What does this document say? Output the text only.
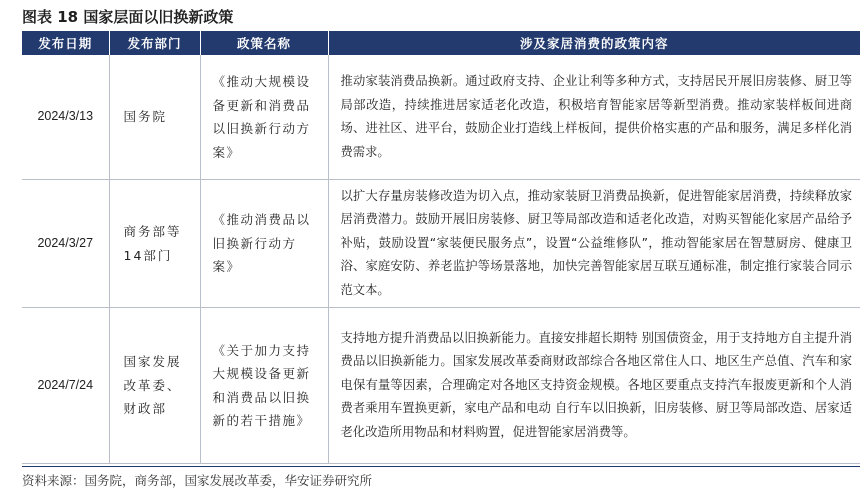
图表 18 国家层面以旧换新政策
发布日期	发布部门	政策名称	涉及家居消费的政策内容
2024/3/13	国务院	《推动大规模设备更新和消费品以旧换新行动方案》	推动家装消费品换新。通过政府支持、企业让利等多种方式，支持居民开展旧房装修、厨卫等局部改造，持续推进居家适老化改造，积极培育智能家居等新型消费。推动家装样板间进商场、进社区、进平台，鼓励企业打造线上样板间，提供价格实惠的产品和服务，满足多样化消费需求。
2024/3/27	商务部等14部门	《推动消费品以旧换新行动方案》	以扩大存量房装修改造为切入点，推动家装厨卫消费品换新，促进智能家居消费，持续释放家居消费潜力。鼓励开展旧房装修、厨卫等局部改造和适老化改造，对购买智能化家居产品给予补贴，鼓励设置“家装便民服务点”，设置“公益维修队”，推动智能家居在智慧厨房、健康卫浴、家庭安防、养老监护等场景落地，加快完善智能家居互联互通标准，制定推行家装合同示范文本。
2024/7/24	国家发展改革委、财政部	《关于加力支持大规模设备更新和消费品以旧换新的若干措施》	支持地方提升消费品以旧换新能力。直接安排超长期特 别国债资金，用于支持地方自主提升消费品以旧换新能力。国家发展改革委商财政部综合各地区常住人口、地区生产总值、汽车和家电保有量等因素，合理确定对各地区支持资金规模。各地区要重点支持汽车报废更新和个人消费者乘用车置换更新，家电产品和电动 自行车以旧换新，旧房装修、厨卫等局部改造、居家适老化改造所用物品和材料购置，促进智能家居消费等。
资料来源：国务院，商务部，国家发展改革委，华安证券研究所
